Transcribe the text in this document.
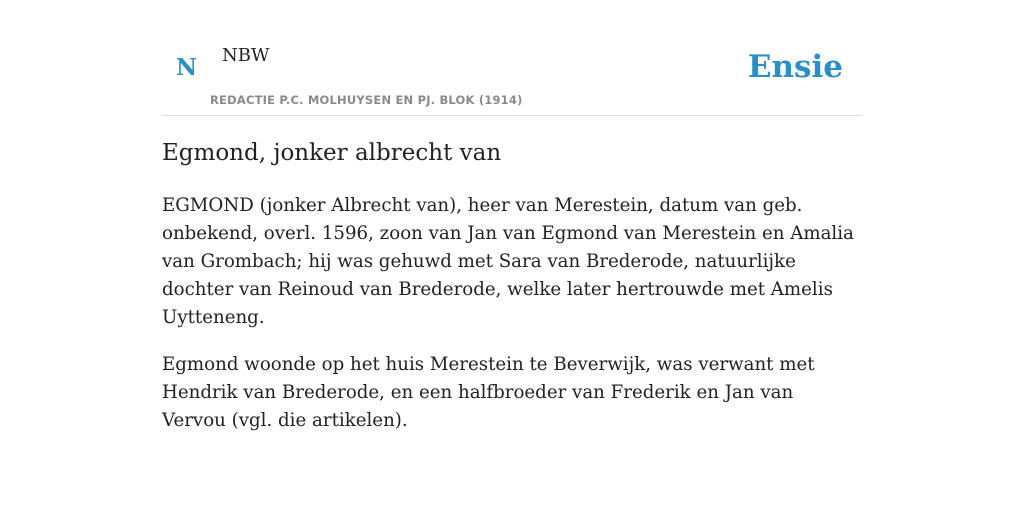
N NBW
REDACTIE P.C. MOLHUYSEN EN PJ. BLOK (1914)
Ensie
Egmond, jonker albrecht van

EGMOND (jonker Albrecht van), heer van Merestein, datum van geb. onbekend, overl. 1596, zoon van Jan van Egmond van Merestein en Amalia van Grombach; hij was gehuwd met Sara van Brederode, natuurlijke dochter van Reinoud van Brederode, welke later hertrouwde met Amelis Uytteneng.

Egmond woonde op het huis Merestein te Beverwijk, was verwant met Hendrik van Brederode, en een halfbroeder van Frederik en Jan van Vervou (vgl. die artikelen).
